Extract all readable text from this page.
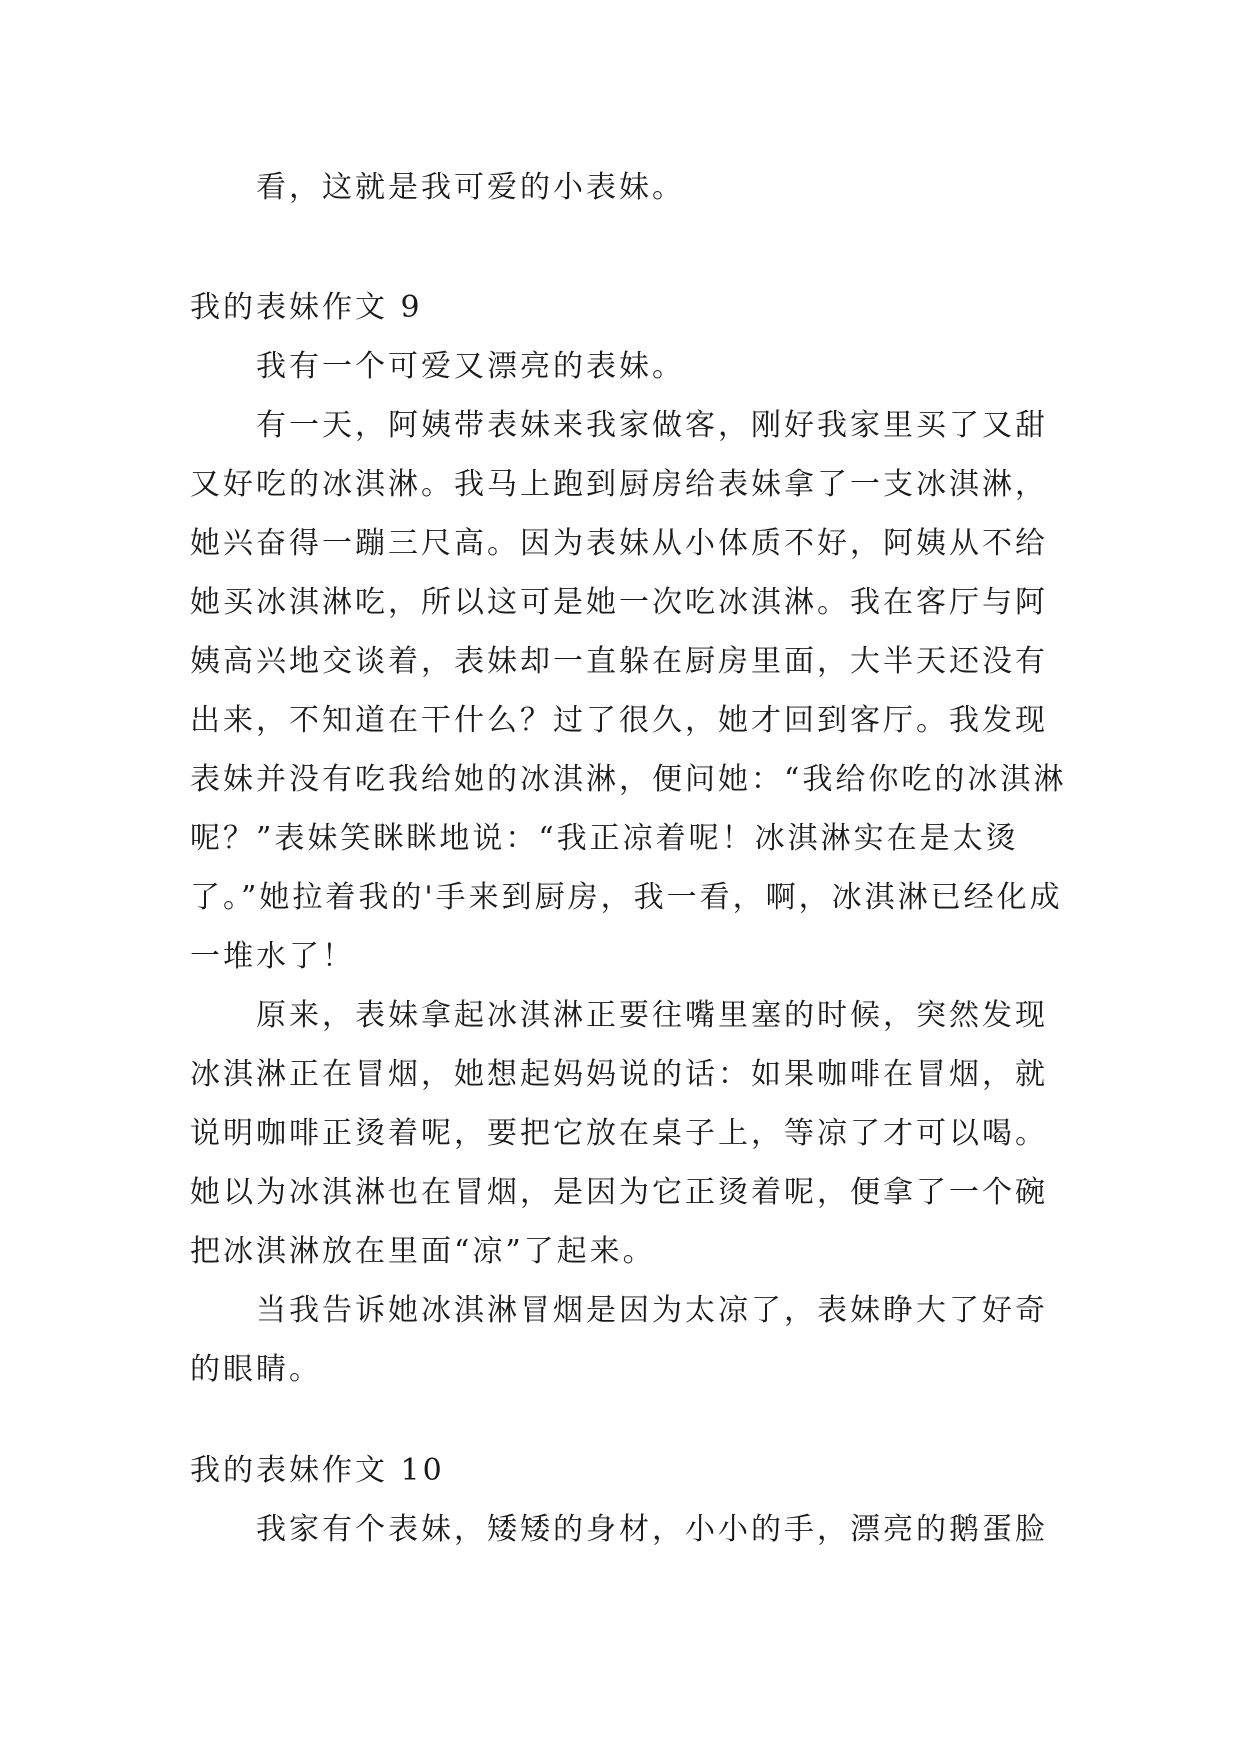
看，这就是我可爱的小表妹。

我的表妹作文 9

我有一个可爱又漂亮的表妹。

有一天，阿姨带表妹来我家做客，刚好我家里买了又甜又好吃的冰淇淋。我马上跑到厨房给表妹拿了一支冰淇淋，她兴奋得一蹦三尺高。因为表妹从小体质不好，阿姨从不给她买冰淇淋吃，所以这可是她一次吃冰淇淋。我在客厅与阿姨高兴地交谈着，表妹却一直躲在厨房里面，大半天还没有出来，不知道在干什么？过了很久，她才回到客厅。我发现表妹并没有吃我给她的冰淇淋，便问她：“我给你吃的冰淇淋呢？”表妹笑眯眯地说：“我正凉着呢！冰淇淋实在是太烫了。”她拉着我的'手来到厨房，我一看，啊，冰淇淋已经化成一堆水了！

原来，表妹拿起冰淇淋正要往嘴里塞的时候，突然发现冰淇淋正在冒烟，她想起妈妈说的话：如果咖啡在冒烟，就说明咖啡正烫着呢，要把它放在桌子上，等凉了才可以喝。她以为冰淇淋也在冒烟，是因为它正烫着呢，便拿了一个碗把冰淇淋放在里面“凉”了起来。

当我告诉她冰淇淋冒烟是因为太凉了，表妹睁大了好奇的眼睛。

我的表妹作文 10

我家有个表妹，矮矮的身材，小小的手，漂亮的鹅蛋脸
